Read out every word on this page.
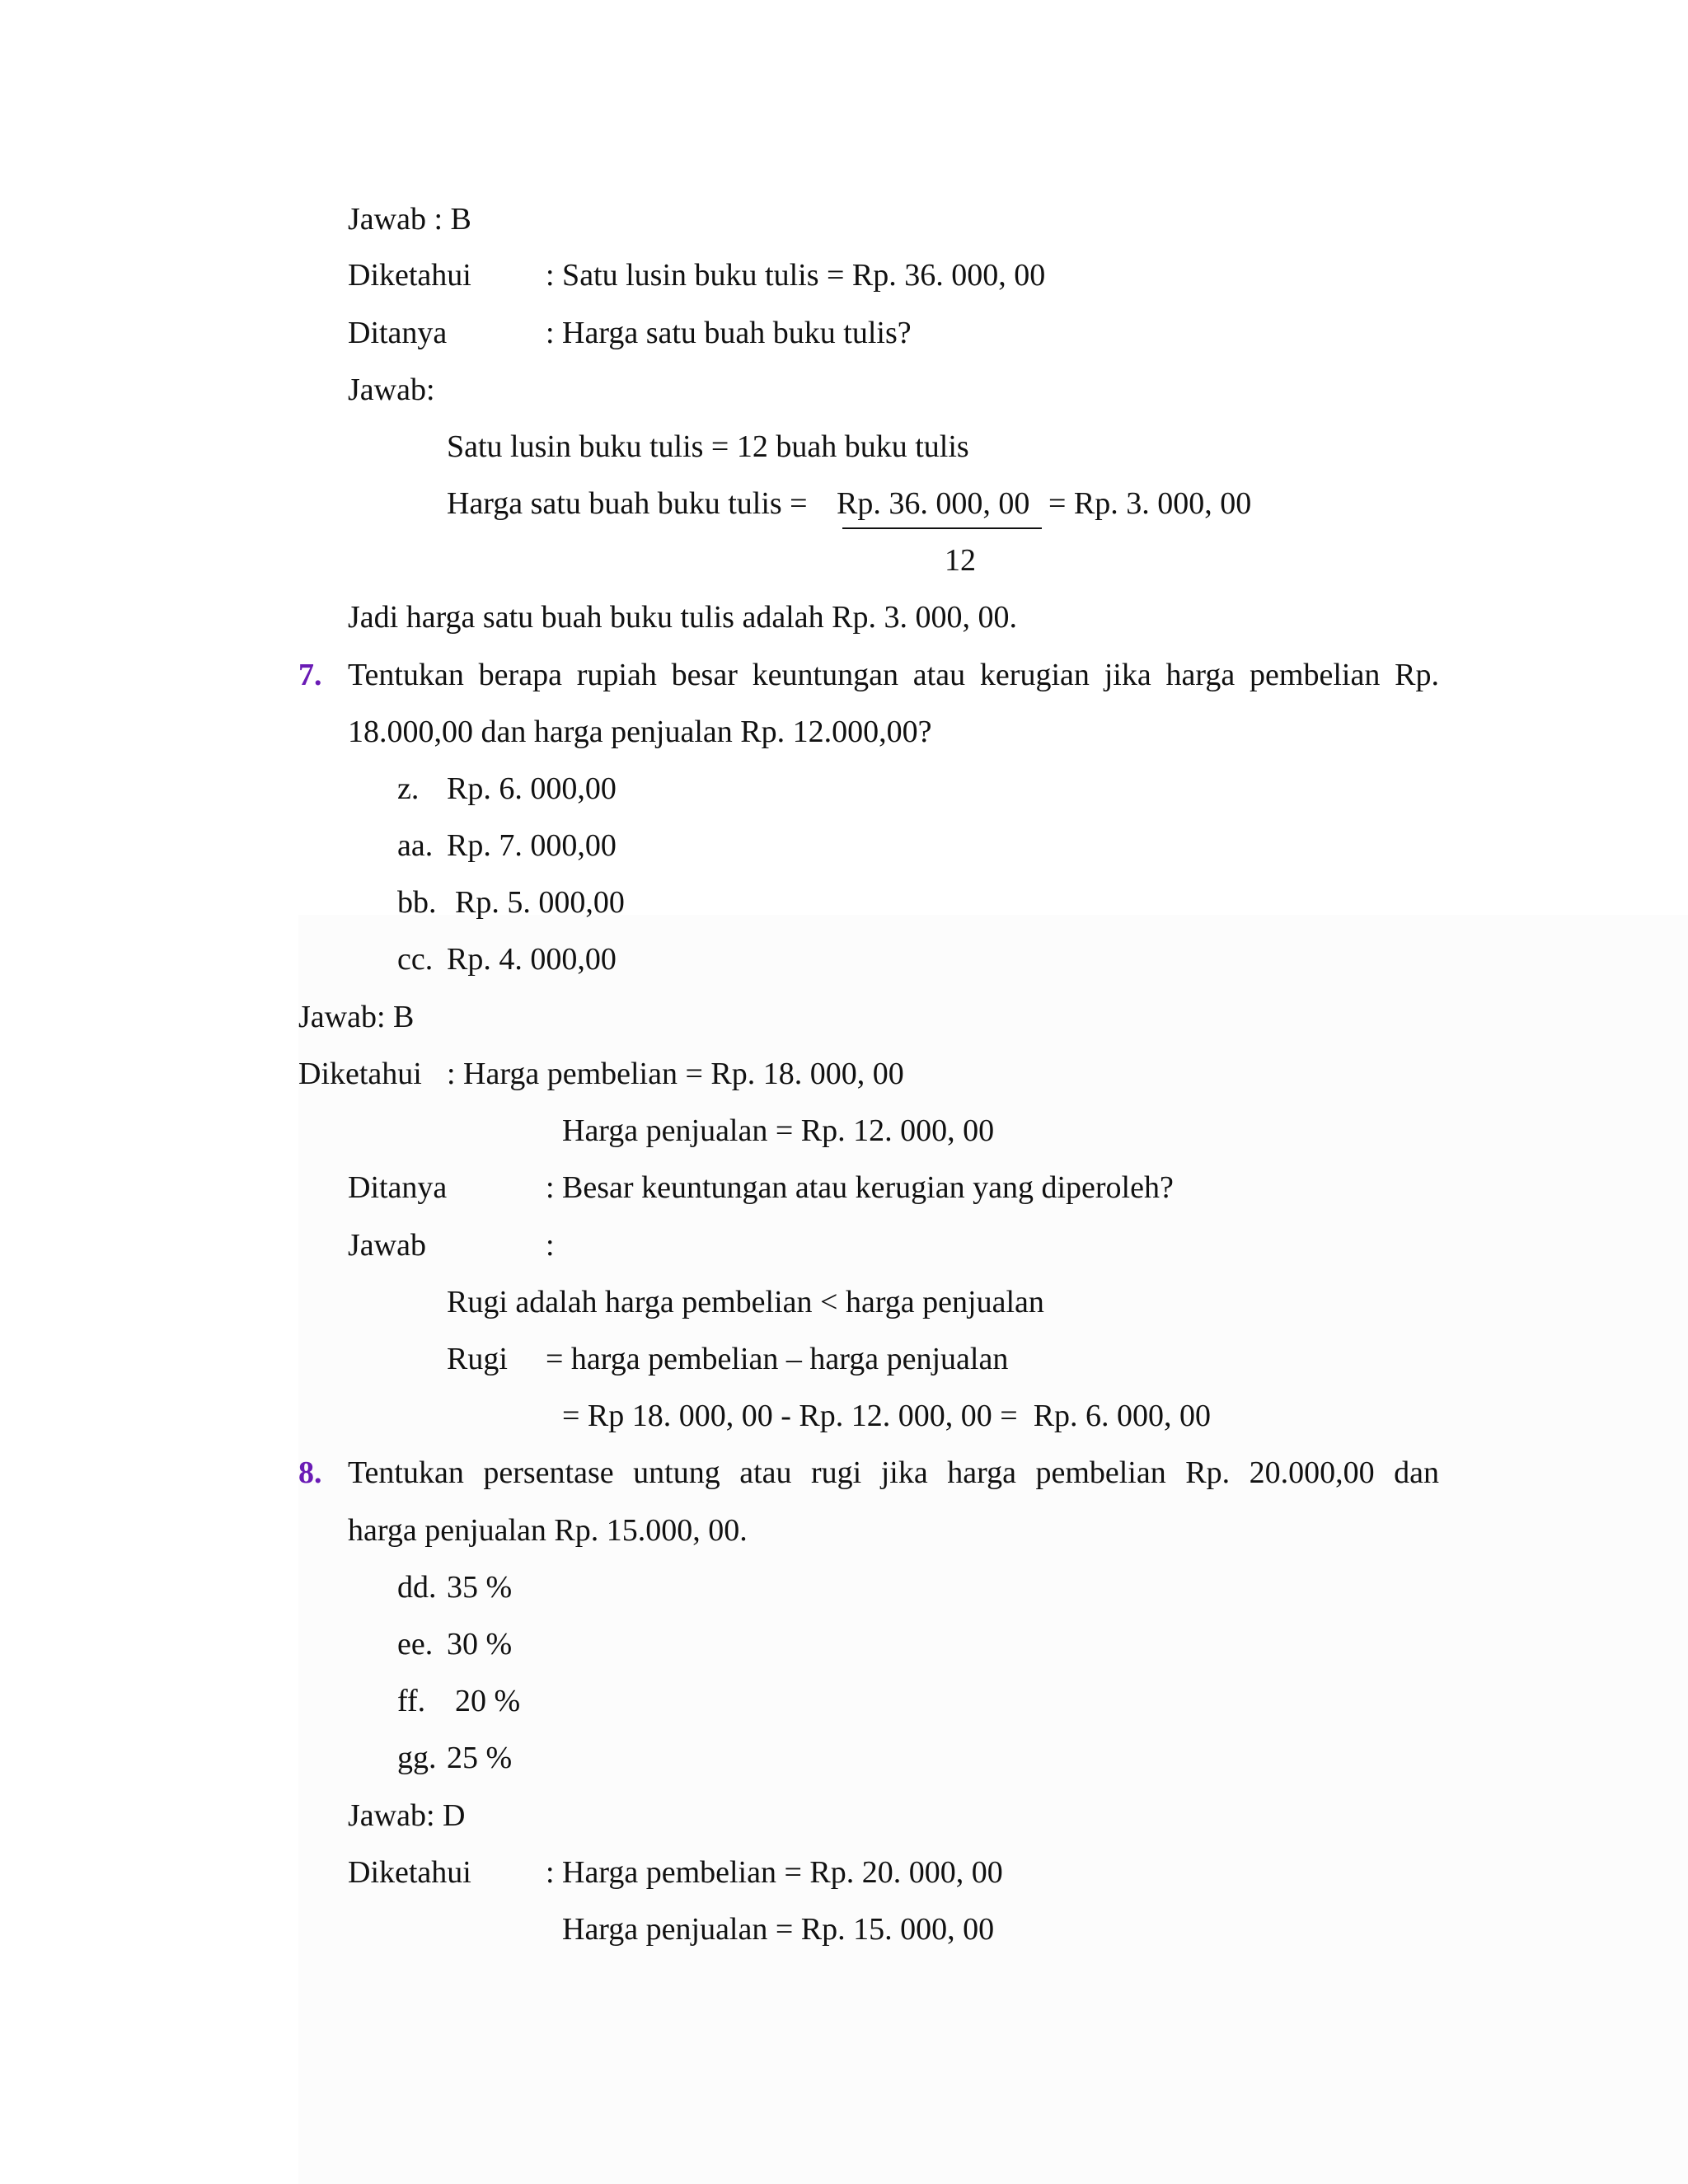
Jawab : B
Diketahui : Satu lusin buku tulis = Rp. 36. 000, 00
Ditanya	: Harga satu buah buku tulis?
Jawab:
Satu lusin buku tulis = 12 buah buku tulis
Harga satu buah buku tulis = Rp. 36. 000, 00 = Rp. 3. 000, 00
12
Jadi harga satu buah buku tulis adalah Rp. 3. 000, 00.
7. Tentukan berapa rupiah besar keuntungan atau kerugian jika harga pembelian Rp.
18.000,00 dan harga penjualan Rp. 12.000,00?
z. Rp. 6. 000,00
aa. Rp. 7. 000,00
bb. Rp. 5. 000,00
cc. Rp. 4. 000,00
Jawab: B
Diketahui : Harga pembelian = Rp. 18. 000, 00
Harga penjualan = Rp. 12. 000, 00
Ditanya	: Besar keuntungan atau kerugian yang diperoleh?
Jawab	:
Rugi adalah harga pembelian < harga penjualan
Rugi = harga pembelian – harga penjualan
= Rp 18. 000, 00 - Rp. 12. 000, 00 =  Rp. 6. 000, 00
8. Tentukan persentase untung atau rugi jika harga pembelian Rp. 20.000,00 dan
harga penjualan Rp. 15.000, 00.
dd. 35 %
ee. 30 %
ff. 20 %
gg. 25 %
Jawab: D
Diketahui : Harga pembelian = Rp. 20. 000, 00
Harga penjualan = Rp. 15. 000, 00
